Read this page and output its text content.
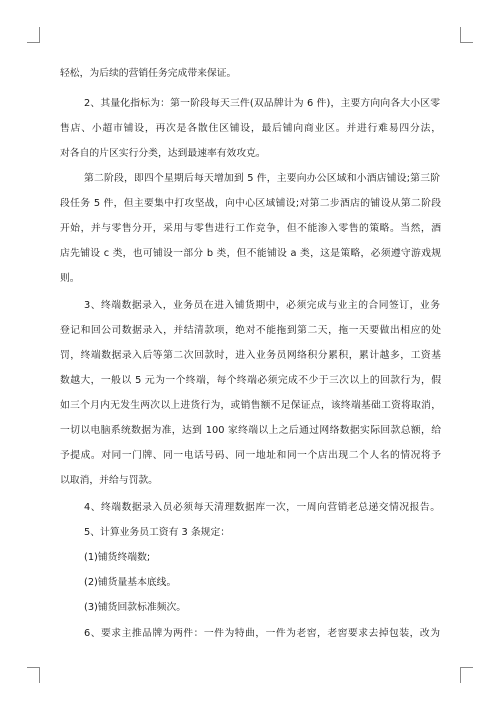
轻松，为后续的营销任务完成带来保证。
2、其量化指标为：第一阶段每天三件(双品牌计为 6 件)，主要方向向各大小区零
售店、小超市铺设，再次是各散住区铺设，最后铺向商业区。并进行难易四分法，
对各自的片区实行分类，达到最速率有效攻克。
第二阶段，即四个星期后每天增加到 5 件，主要向办公区域和小酒店铺设;第三阶
段任务 5 件，但主要集中打攻坚战，向中心区域铺设;对第二步酒店的铺设从第二阶段
开始，并与零售分开，采用与零售进行工作竞争，但不能渗入零售的策略。当然，酒
店先铺设 c 类，也可铺设一部分 b 类，但不能铺设 a 类，这是策略，必须遵守游戏规
则。
3、终端数据录入，业务员在进入铺货期中，必须完成与业主的合同签订，业务
登记和回公司数据录入，并结清款项，绝对不能拖到第二天，拖一天要做出相应的处
罚，终端数据录入后等第二次回款时，进入业务员网络积分累积，累计越多，工资基
数越大，一般以 5 元为一个终端，每个终端必须完成不少于三次以上的回款行为，假
如三个月内无发生两次以上进货行为，或销售额不足保证点，该终端基础工资将取消，
一切以电脑系统数据为准，达到 100 家终端以上之后通过网络数据实际回款总额，给
予提成。对同一门牌、同一电话号码、同一地址和同一个店出现二个人名的情况将予
以取消，并给与罚款。
4、终端数据录入员必须每天清理数据库一次，一周向营销老总递交情况报告。
5、计算业务员工资有 3 条规定：
(1)铺货终端数;
(2)铺货量基本底线。
(3)铺货回款标准频次。
6、要求主推品牌为两件：一件为特曲，一件为老窖，老窖要求去掉包装，改为
